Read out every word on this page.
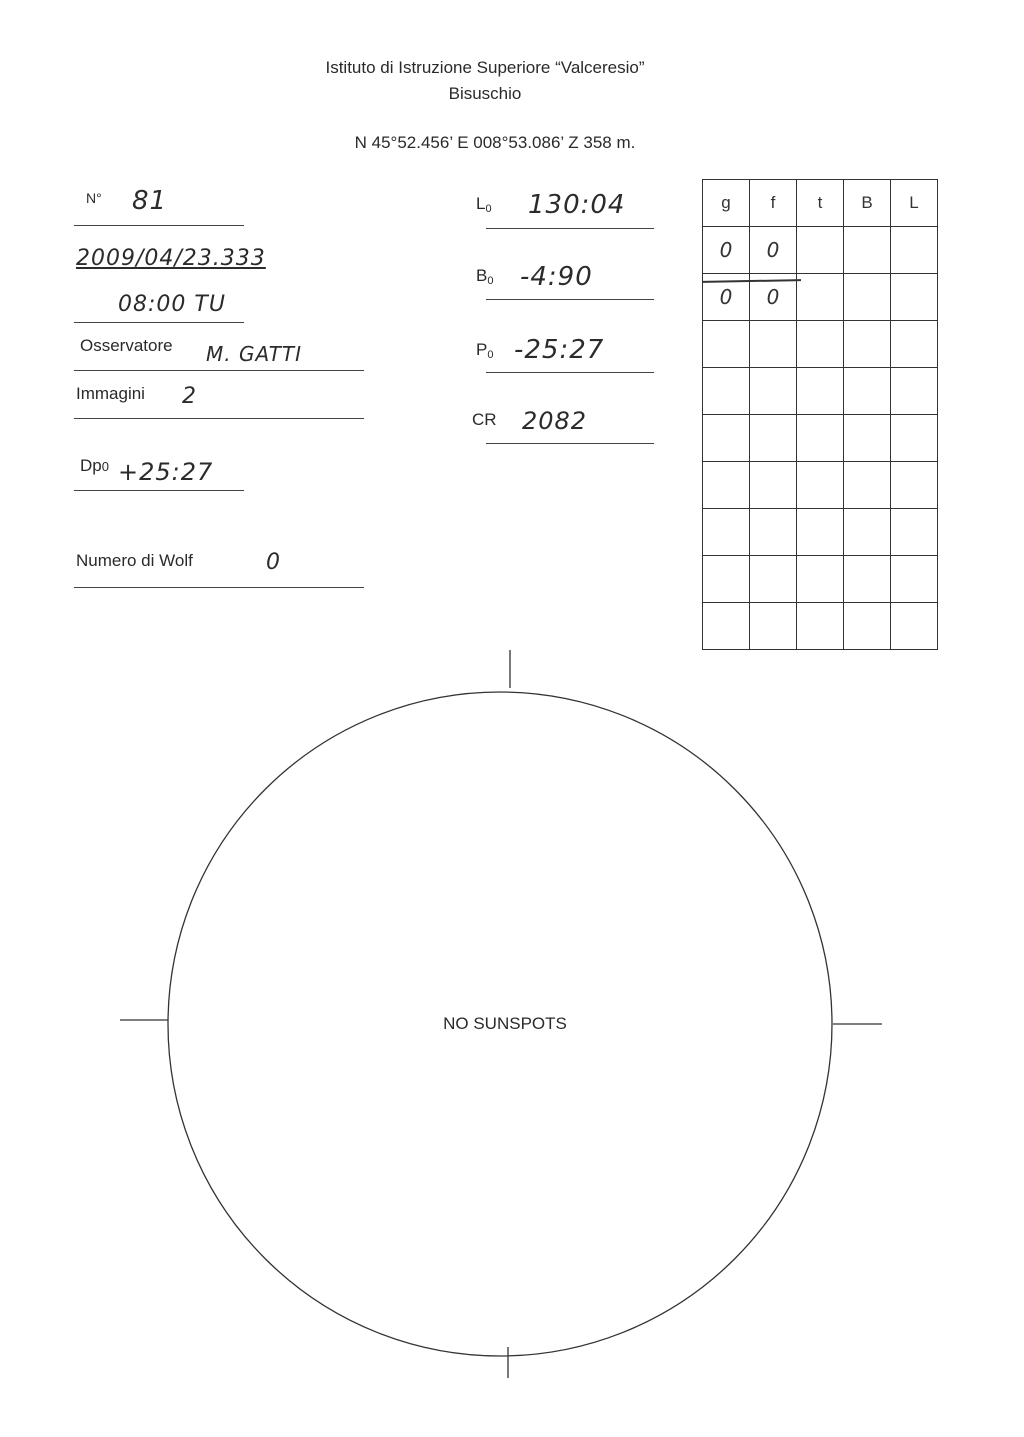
Istituto di Istruzione Superiore “Valceresio”
Bisuschio
N 45°52.456’ E 008°53.086’ Z 358 m.
N° 81
2009/04/23.333
08:00 TU
Osservatore M. GATTI
Immagini 2
Dp0 +25:27
Numero di Wolf	0
$L_0$ 130:04
$B_0$ -4:90
$P_0$ -25:27
CR 2082
g	f	t	B	L
0	0			
0	0			

NO SUNSPOTS
